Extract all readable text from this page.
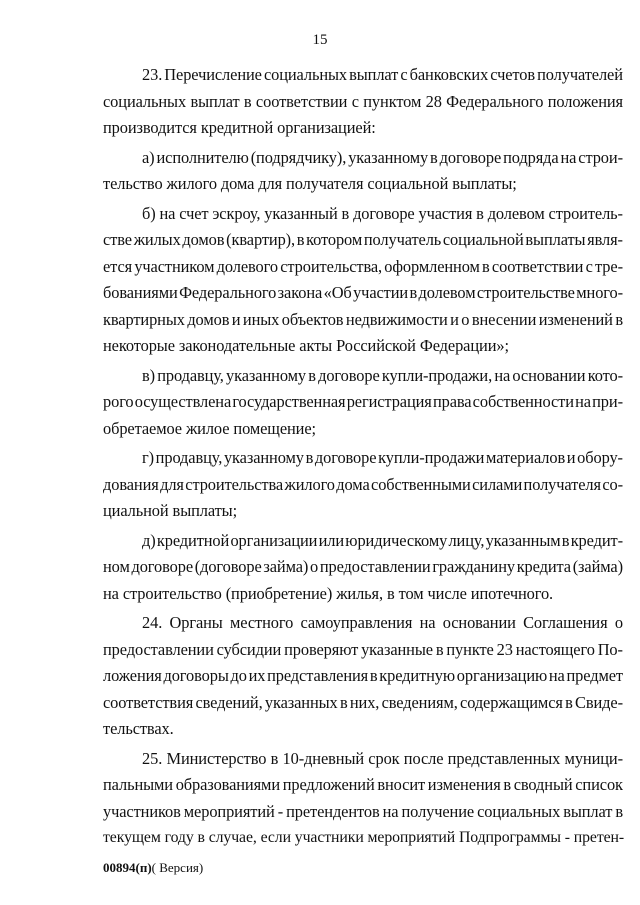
15
23. Перечисление социальных выплат с банковских счетов получателей
социальных выплат в соответствии с пунктом 28 Федерального положения
производится кредитной организацией:
а) исполнителю (подрядчику), указанному в договоре подряда на строи-
тельство жилого дома для получателя социальной выплаты;
б) на счет эскроу, указанный в договоре участия в долевом строитель-
стве жилых домов (квартир), в котором получатель социальной выплаты явля-
ется участником долевого строительства, оформленном в соответствии с тре-
бованиями Федерального закона «Об участии в долевом строительстве много-
квартирных домов и иных объектов недвижимости и о внесении изменений в
некоторые законодательные акты Российской Федерации»;
в) продавцу, указанному в договоре купли-продажи, на основании кото-
рого осуществлена государственная регистрация права собственности на при-
обретаемое жилое помещение;
г) продавцу, указанному в договоре купли-продажи материалов и обору-
дования для строительства жилого дома собственными силами получателя со-
циальной выплаты;
д) кредитной организации или юридическому лицу, указанным в кредит-
ном договоре (договоре займа) о предоставлении гражданину кредита (займа)
на строительство (приобретение) жилья, в том числе ипотечного.
24. Органы местного самоуправления на основании Соглашения о
предоставлении субсидии проверяют указанные в пункте 23 настоящего По-
ложения договоры до их представления в кредитную организацию на предмет
соответствия сведений, указанных в них, сведениям, содержащимся в Свиде-
тельствах.
25. Министерство в 10-дневный срок после представленных муници-
пальными образованиями предложений вносит изменения в сводный список
участников мероприятий - претендентов на получение социальных выплат в
текущем году в случае, если участники мероприятий Подпрограммы - претен-
00894(п)( Версия)
